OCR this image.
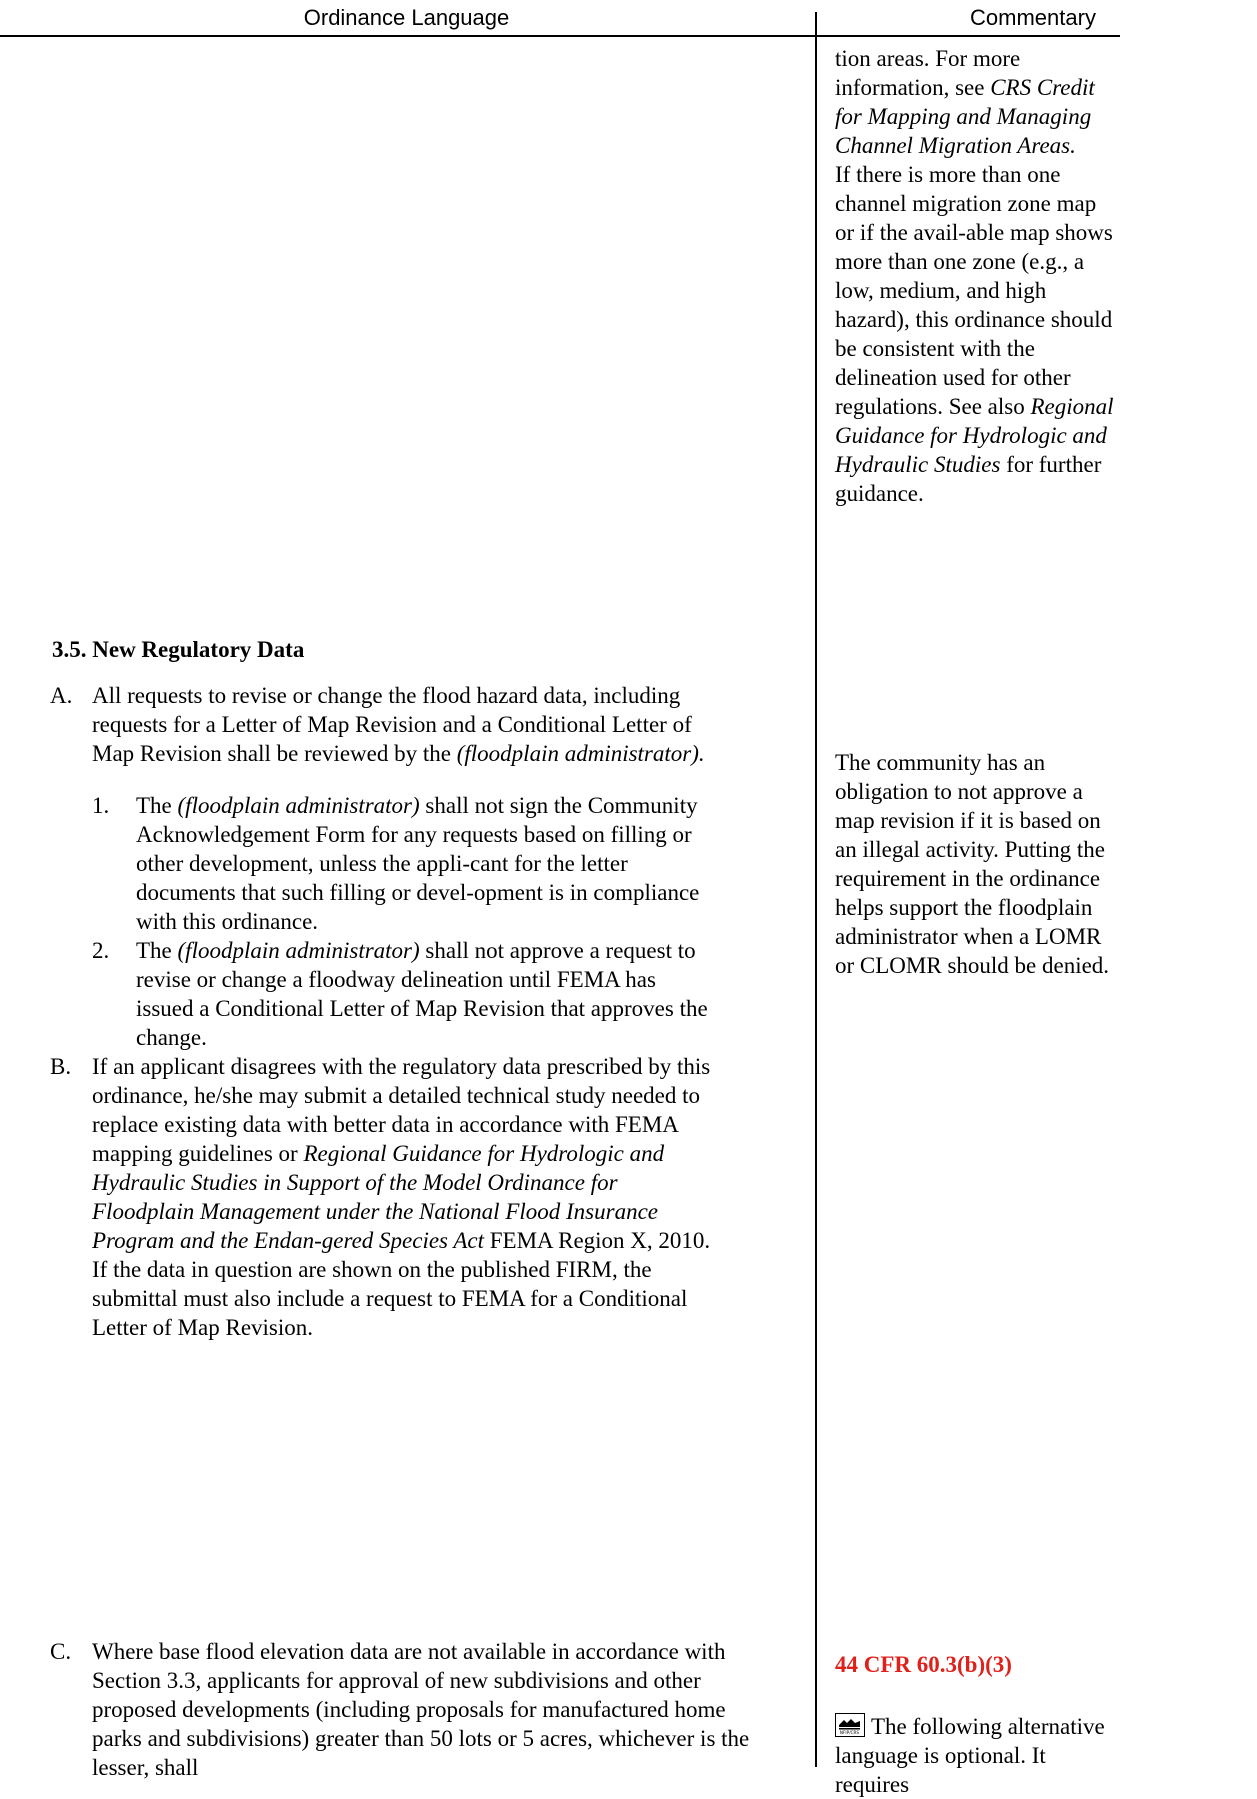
Ordinance Language	Commentary

tion areas. For more information, see CRS Credit for Mapping and Managing Channel Migration Areas.

If there is more than one channel migration zone map or if the avail-able map shows more than one zone (e.g., a low, medium, and high hazard), this ordinance should be consistent with the delineation used for other regulations. See also Regional Guidance for Hydrologic and Hydraulic Studies for further guidance.

3.5. New Regulatory Data

A. All requests to revise or change the flood hazard data, including requests for a Letter of Map Revision and a Conditional Letter of Map Revision shall be reviewed by the (floodplain administrator).

1. The (floodplain administrator) shall not sign the Community Acknowledgement Form for any requests based on filling or other development, unless the appli-cant for the letter documents that such filling or devel-opment is in compliance with this ordinance.

2. The (floodplain administrator) shall not approve a request to revise or change a floodway delineation until FEMA has issued a Conditional Letter of Map Revision that approves the change.

B. If an applicant disagrees with the regulatory data prescribed by this ordinance, he/she may submit a detailed technical study needed to replace existing data with better data in accordance with FEMA mapping guidelines or Regional Guidance for Hydrologic and Hydraulic Studies in Support of the Model Ordinance for Floodplain Management under the National Flood Insurance Program and the Endan-gered Species Act FEMA Region X, 2010. If the data in question are shown on the published FIRM, the submittal must also include a request to FEMA for a Conditional Letter of Map Revision.

C. Where base flood elevation data are not available in accordance with Section 3.3, applicants for approval of new subdivisions and other proposed developments (including proposals for manufactured home parks and subdivisions) greater than 50 lots or 5 acres, whichever is the lesser, shall

The community has an obligation to not approve a map revision if it is based on an illegal activity. Putting the requirement in the ordinance helps support the floodplain administrator when a LOMR or CLOMR should be denied.

44 CFR 60.3(b)(3)

NFIP/CRS The following alternative language is optional. It requires
